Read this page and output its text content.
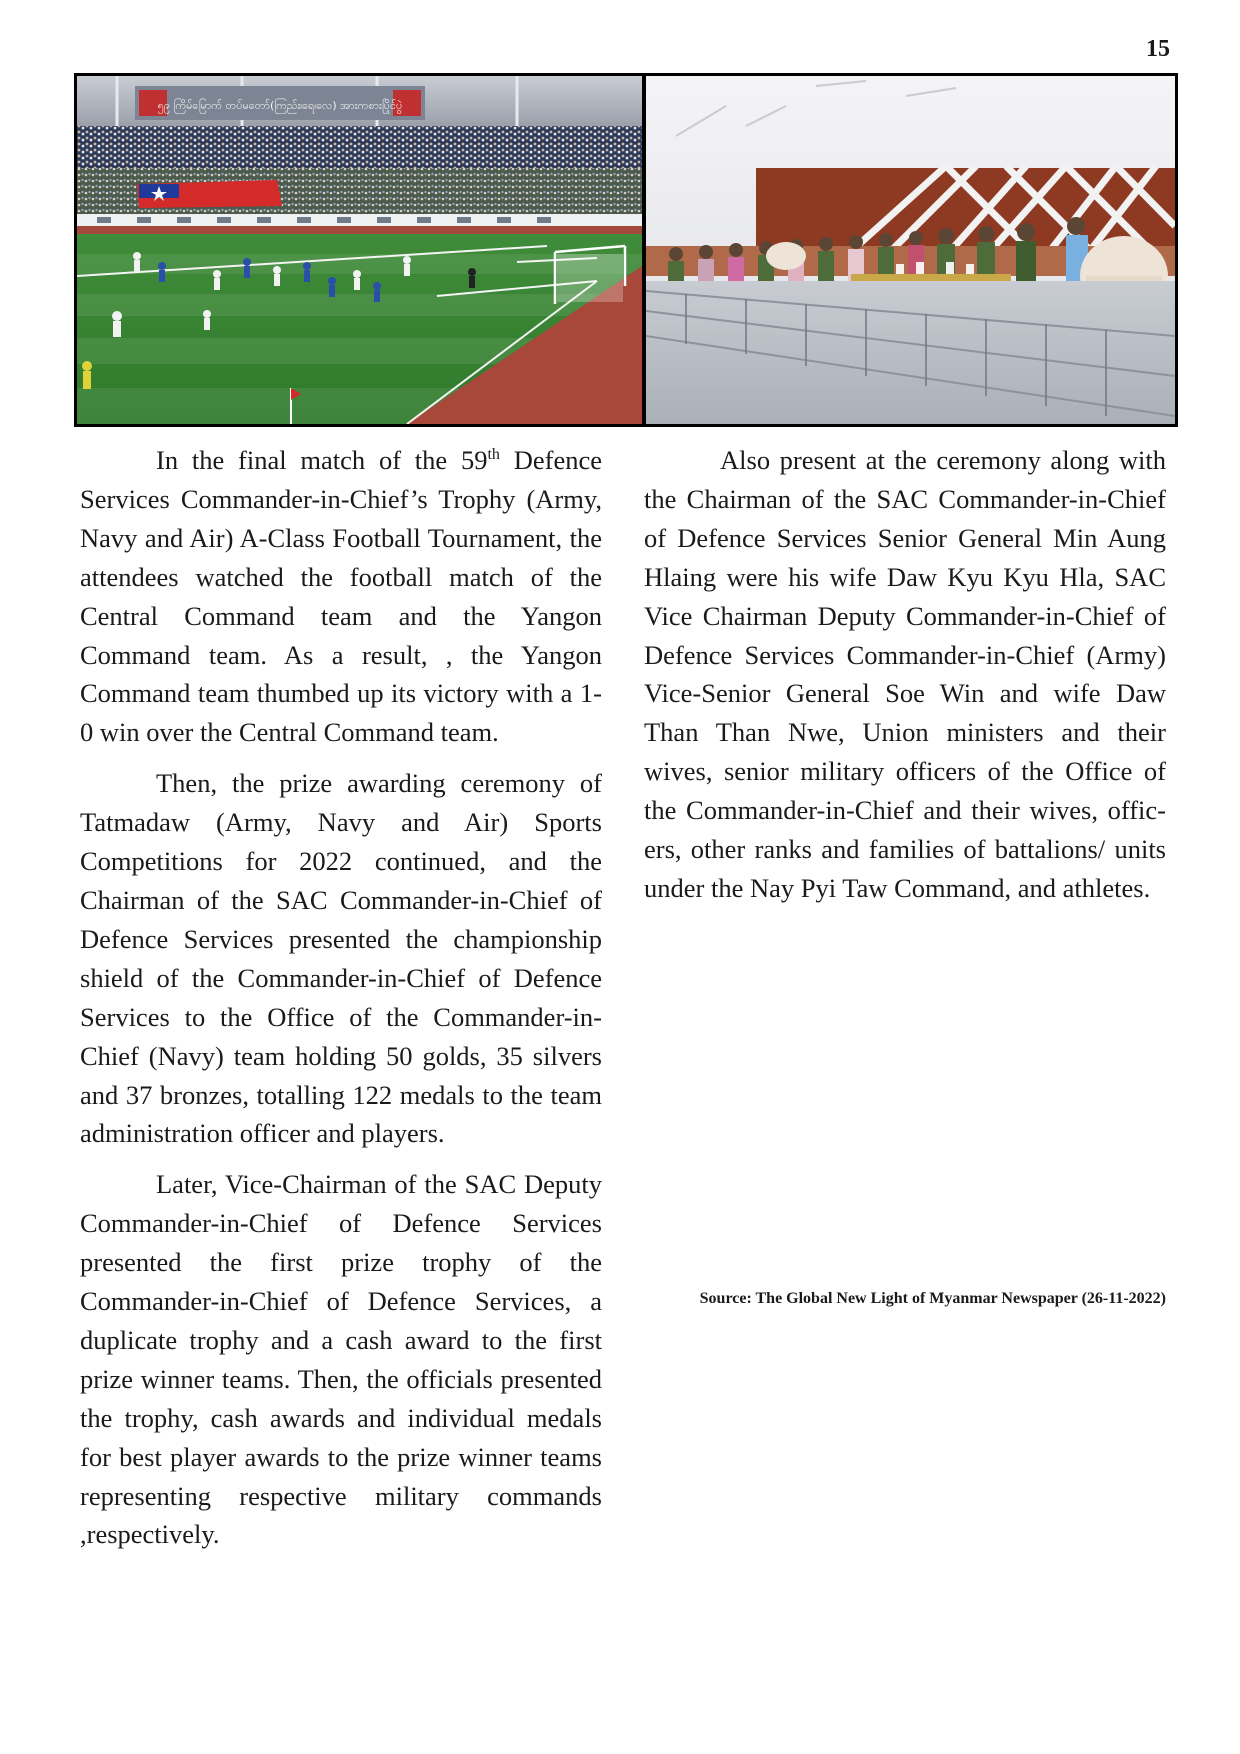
15
၅၉ ကြိမ်မြောက် တပ်မတော်(ကြည်း၊ရေ၊လေ) အားကစားပြိုင်ပွဲ

In the final match of the 59th Defence Services Commander-in-Chief’s Trophy (Army, Navy and Air) A-Class Football Tournament, the attendees watched the football match of the Central Command team and the Yangon Command team. As a result, , the Yangon Command team thumbed up its victory with a 1-0 win over the Central Command team.

Then, the prize awarding ceremony of Tatmadaw (Army, Navy and Air) Sports Competitions for 2022 continued, and the Chairman of the SAC Commander-in-Chief of Defence Services presented the championship shield of the Commander-in-Chief of Defence Services to the Office of the Commander-in-Chief (Navy) team holding 50 golds, 35 silvers and 37 bronzes, totalling 122 medals to the team administration officer and players.

Later, Vice-Chairman of the SAC Deputy Commander-in-Chief of Defence Services presented the first prize trophy of the Commander-in-Chief of Defence Services, a duplicate trophy and a cash award to the first prize winner teams. Then, the officials presented the trophy, cash awards and individual medals for best player awards to the prize winner teams representing respective military commands ,respectively.

Also present at the ceremony along with the Chairman of the SAC Commander-in-Chief of Defence Services Senior General Min Aung Hlaing were his wife Daw Kyu Kyu Hla, SAC Vice Chairman Deputy Commander-in-Chief of Defence Services Commander-in-Chief (Army) Vice-Senior General Soe Win and wife Daw Than Than Nwe, Union ministers and their wives, senior military officers of the Office of the Commander-in-Chief and their wives, officers, other ranks and families of battalions/ units under the Nay Pyi Taw Command, and athletes.

Source: The Global New Light of Myanmar Newspaper (26-11-2022)
